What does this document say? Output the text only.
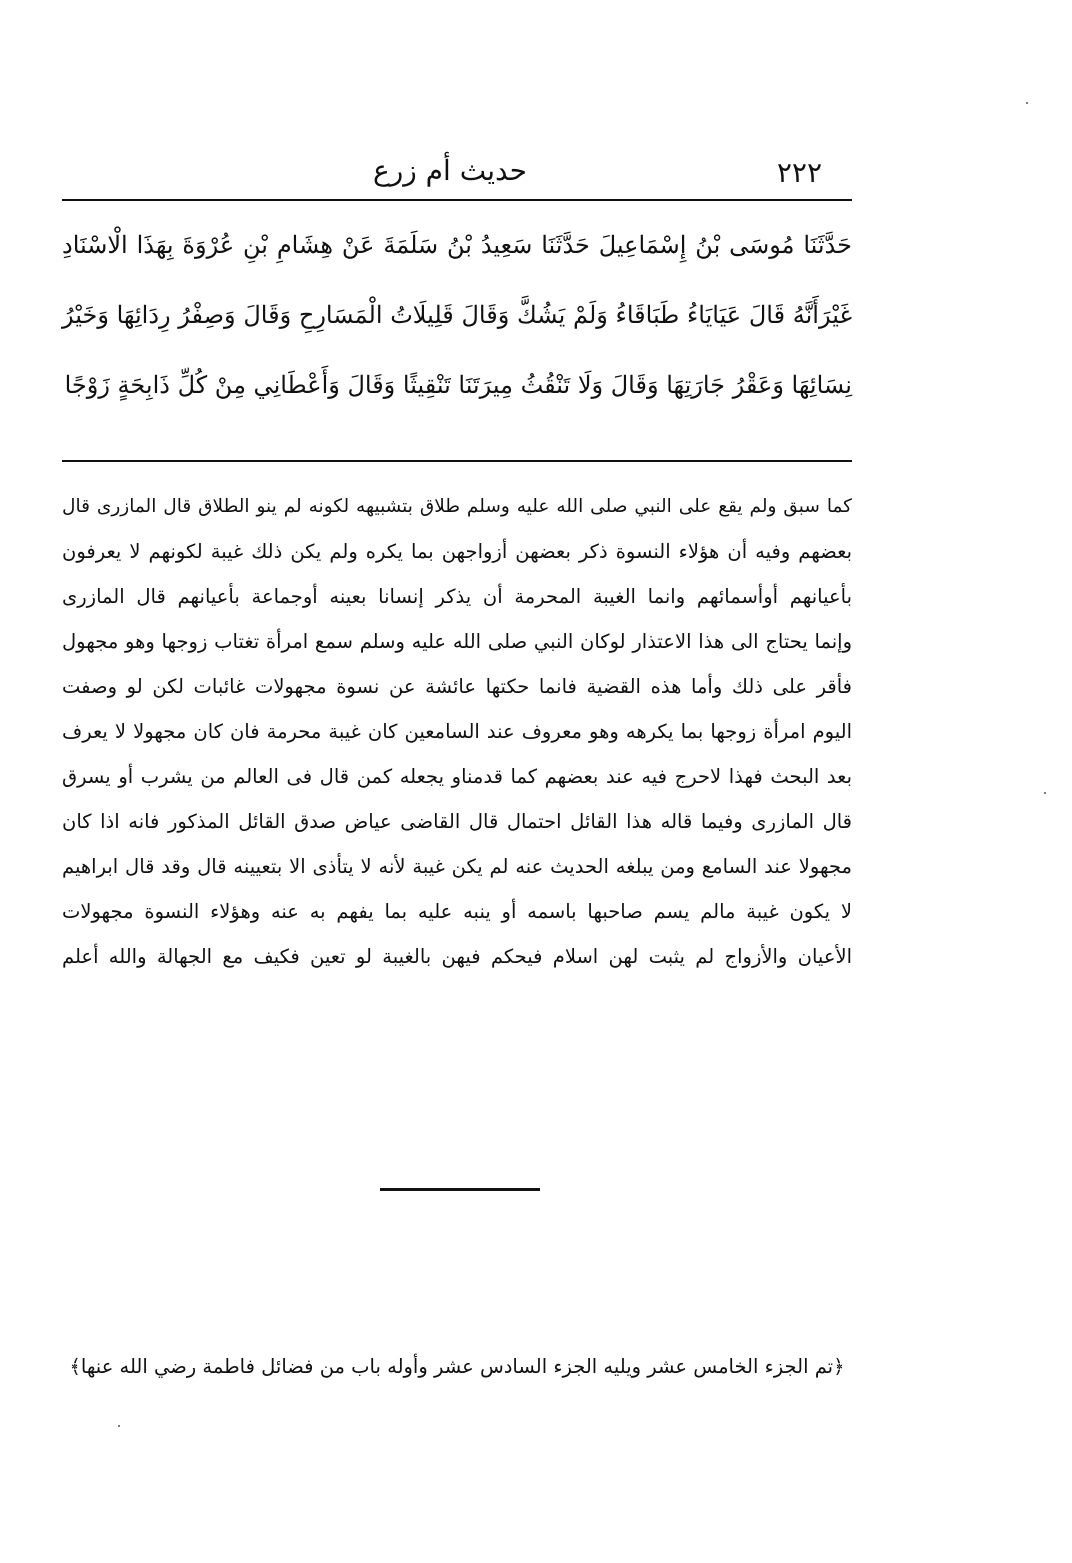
٢٢٢
حديث أم زرع
حَدَّثَنَا مُوسَى بْنُ إِسْمَاعِيلَ حَدَّثَنَا سَعِيدُ بْنُ سَلَمَةَ عَنْ هِشَامِ بْنِ عُرْوَةَ بِهَذَا الْاسْنَادِ غَيْرَأَنَّهُ قَالَ عَيَايَاءُ طَبَاقَاءُ وَلَمْ يَشُكَّ وَقَالَ قَلِيلَاتُ الْمَسَارِحِ وَقَالَ وَصِفْرُ رِدَائِهَا وَخَيْرُ نِسَائِهَا وَعَقْرُ جَارَتِهَا وَقَالَ وَلَا تَنْقُثُ مِيرَتَنَا تَنْقِيثًا وَقَالَ وَأَعْطَانِي مِنْ كُلِّ ذَابِحَةٍ زَوْجًا
كما سبق ولم يقع على النبي صلى الله عليه وسلم طلاق بتشبيهه لكونه لم ينو الطلاق قال المازرى قال
بعضهم وفيه أن هؤلاء النسوة ذكر بعضهن أزواجهن بما يكره ولم يكن ذلك غيبة لكونهم لا يعرفون
بأعيانهم أوأسمائهم وانما الغيبة المحرمة أن يذكر إنسانا بعينه أوجماعة بأعيانهم قال المازرى
وإنما يحتاج الى هذا الاعتذار لوكان النبي صلى الله عليه وسلم سمع امرأة تغتاب زوجها وهو مجهول
فأقر على ذلك وأما هذه القضية فانما حكتها عائشة عن نسوة مجهولات غائبات لكن لو وصفت
اليوم امرأة زوجها بما يكرهه وهو معروف عند السامعين كان غيبة محرمة فان كان مجهولا لا يعرف
بعد البحث فهذا لاحرج فيه عند بعضهم كما قدمناو يجعله كمن قال فى العالم من يشرب أو يسرق
قال المازرى وفيما قاله هذا القائل احتمال قال القاضى عياض صدق القائل المذكور فانه اذا كان
مجهولا عند السامع ومن يبلغه الحديث عنه لم يكن غيبة لأنه لا يتأذى الا بتعيينه قال وقد قال ابراهيم
لا يكون غيبة مالم يسم صاحبها باسمه أو ينبه عليه بما يفهم به عنه وهؤلاء النسوة مجهولات
الأعيان والأزواج لم يثبت لهن اسلام فيحكم فيهن بالغيبة لو تعين فكيف مع الجهالة والله أعلم
﴿تم الجزء الخامس عشر ويليه الجزء السادس عشر وأوله باب من فضائل فاطمة رضي الله عنها﴾
